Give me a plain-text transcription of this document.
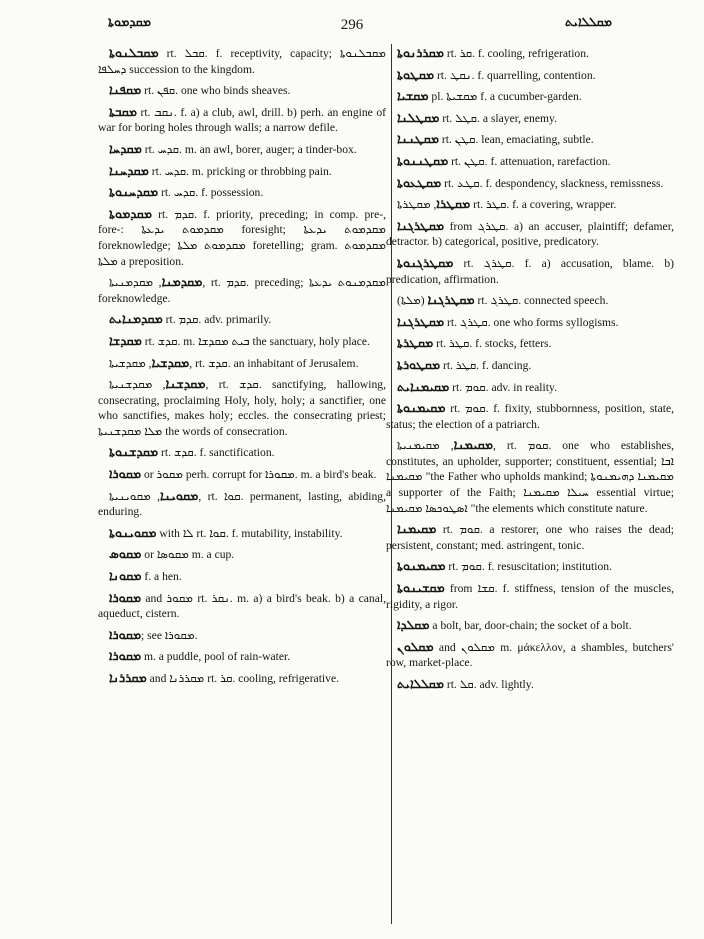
ܡܩܕܡܘܬܐ	296	ܡܩܠܠܐܝܬ

ܡܩܒܠܢܘܬܐ rt. ܩܒܠ. f. receptivity, capacity; ܡܩܒܠܢܘܬܐ ܕܚܠܦܐ succession to the kingdom.

ܡܩܦܢܐ rt. ܩܦܢ. one who binds sheaves.

ܡܩܒܬܐ rt. ܢܩܒ. f. a) a club, awl, drill. b) perh. an engine of war for boring holes through walls; a narrow defile.

ܡܩܕܚܐ rt. ܩܕܚ. m. an awl, borer, auger; a tinder-box.

ܡܩܕܚܢܐ rt. ܩܕܚ. m. pricking or throbbing pain.

ܡܩܕܚܢܘܬܐ rt. ܩܕܚ. f. possession.

ܡܩܕܡܘܬܐ rt. ܩܕܡ. f. priority, preceding; in comp. pre-, fore-: ܡܩܕܡܘܬ ܝܕܥܬܐ foresight; ܡܩܕܡܘܬ ܝܕܥܬܐ foreknowledge; ܡܩܕܡܘܬ ܡܠܬܐ foretelling; gram. ܡܩܕܡܘܬ ܡܠܬܐ a preposition.

ܡܩܕܡܢܐ, ܡܩܕܡܢܝܬܐ, rt. ܩܕܡ. preceding; ܡܩܕܡܢܘܬ ܝܕܥܬܐ foreknowledge.

ܡܩܕܡܢܐܝܬ rt. ܩܕܡ. adv. primarily.

ܡܩܕܫܐ rt. ܩܕܫ. m. ܒܝܬ ܡܩܕܫܐ the sanctuary, holy place.

ܡܩܕܫܝܐ, ܡܩܕܫܝܬܐ, rt. ܩܕܫ. an inhabitant of Jerusalem.

ܡܩܕܫܢܐ, ܡܩܕܫܢܝܬܐ, rt. ܩܕܫ. sanctifying, hallowing, consecrating, proclaiming Holy, holy, holy; a sanctifier, one who sanctifies, makes holy; eccles. the consecrating priest; ܡܠܐ ܡܩܕܫܢܝܬܐ the words of consecration.

ܡܩܕܫܢܘܬܐ rt. ܩܕܫ. f. sanctification.

ܡܩܘܪܐ or ܡܩܘܪ perh. corrupt for ܡܩܘܪܐ. m. a bird's beak.

ܡܩܘܝܢܐ, ܡܩܘܝܢܝܬܐ, rt. ܩܘܐ. permanent, lasting, abiding, enduring.

ܡܩܘܝܢܘܬܐ with ܠܐ rt. ܩܘܐ. f. mutability, instability.

ܡܩܘܣ or ܡܩܘܣܐ m. a cup.

ܡܩܘܢܐ f. a hen.

ܡܩܘܪܐ and ܡܩܘܪ rt. ܢܩܪ. m. a) a bird's beak. b) a canal, aqueduct, cistern.

ܡܩܘܪܐ; see ܡܩܘܪܐ.

ܡܩܘܪܐ m. a puddle, pool of rain-water.

ܡܩܪܪܢܐ and ܡܩܪܪܢܐ rt. ܩܪ. cooling, refrigerative.

ܡܩܪܪܢܘܬܐ rt. ܩܪ. f. cooling, refrigeration.

ܡܩܛܘܬܐ rt. ܢܩܛ. f. quarrelling, contention.

ܡܩܫܝܐ pl. ܡܩܫܝܬܐ f. a cucumber-garden.

ܡܩܛܠܢܐ rt. ܩܛܠ. a slayer, enemy.

ܡܩܛܢܢܐ rt. ܩܛܢ. lean, emaciating, subtle.

ܡܩܛܢܢܘܬܐ rt. ܩܛܢ. f. attenuation, rarefaction.

ܡܩܛܥܘܬܐ rt. ܩܛܥ. f. despondency, slackness, remissness.

ܡܩܛܪܐ, ܡܩܛܪܬܐ rt. ܩܛܪ. f. a covering, wrapper.

ܡܩܛܪܓܢܐ from ܩܛܪܓ. a) an accuser, plaintiff; defamer, detractor. b) categorical, positive, predicatory.

ܡܩܛܪܓܢܘܬܐ rt. ܩܛܪܓ. f. a) accusation, blame. b) predication, affirmation.

ܡܩܛܪܓܢܐ (ܡܠܬܐ) rt. ܩܛܪܓ. connected speech.

ܡܩܛܪܓܢܐ rt. ܩܛܪܓ. one who forms syllogisms.

ܡܩܛܪܬܐ rt. ܩܛܪ. f. stocks, fetters.

ܡܩܛܘܪܬܐ rt. ܩܛܪ. f. dancing.

ܡܩܝܡܢܐܝܬ rt. ܩܘܡ. adv. in reality.

ܡܩܝܡܢܘܬܐ rt. ܩܘܡ. f. fixity, stubbornness, position, state, status; the election of a patriarch.

ܡܩܝܡܢܐ, ܡܩܝܡܢܝܬܐ, rt. ܩܘܡ. one who establishes, constitutes, an upholder, supporter; constituent, essential; ܐܒܐ ܡܩܝܡܢܐ "the Father who upholds mankind; ܡܩܝܡܢܐ ܕܗܝܡܢܘܬܐ a supporter of the Faith; ܚܝܠܐ ܡܩܝܡܢܐ essential virtue; ܐܣܛܘܟܣܐ ܡܩܝܡܢܐ "the elements which constitute nature.

ܡܩܝܡܢܐ rt. ܩܘܡ. a restorer, one who raises the dead; persistent, constant; med. astringent, tonic.

ܡܩܝܡܢܘܬܐ rt. ܩܘܡ. f. resuscitation; institution.

ܡܩܫܝܢܘܬܐ from ܩܫܐ. f. stiffness, tension of the muscles, rigidity, a rigor.

ܡܩܠܕܐ a bolt, bar, door-chain; the socket of a bolt.

ܡܩܠܘܢ and ܡܩܠܘܢ m. μάκελλον, a shambles, butchers' row, market-place.

ܡܩܠܠܐܝܬ rt. ܩܠ. adv. lightly.
